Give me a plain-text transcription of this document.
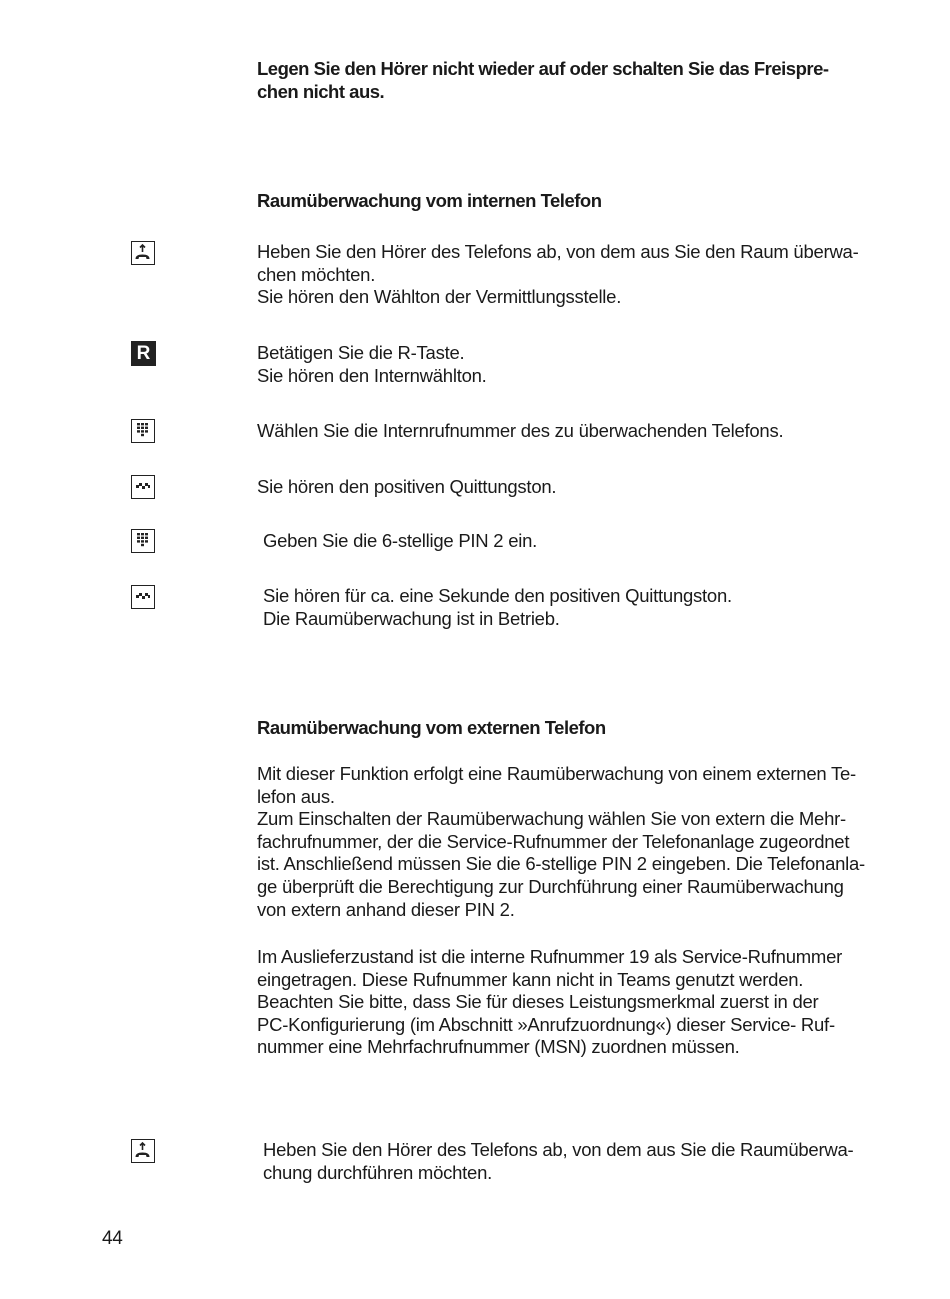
Legen Sie den Hörer nicht wieder auf oder schalten Sie das Freispre-
chen nicht aus.

Raumüberwachung vom internen Telefon

Heben Sie den Hörer des Telefons ab, von dem aus Sie den Raum überwa-
chen möchten.
Sie hören den Wählton der Vermittlungsstelle.

R	Betätigen Sie die R-Taste.
Sie hören den Internwählton.

Wählen Sie die Internrufnummer des zu überwachenden Telefons.

Sie hören den positiven Quittungston.

Geben Sie die 6-stellige PIN 2 ein.

Sie hören für ca. eine Sekunde den positiven Quittungston.
Die Raumüberwachung ist in Betrieb.

Raumüberwachung vom externen Telefon

Mit dieser Funktion erfolgt eine Raumüberwachung von einem externen Te-
lefon aus.
Zum Einschalten der Raumüberwachung wählen Sie von extern die Mehr-
fachrufnummer, der die Service-Rufnummer der Telefonanlage zugeordnet
ist. Anschließend müssen Sie die 6-stellige PIN 2 eingeben. Die Telefonanla-
ge überprüft die Berechtigung zur Durchführung einer Raumüberwachung
von extern anhand dieser PIN 2.

Im Auslieferzustand ist die interne Rufnummer 19 als Service-Rufnummer
eingetragen. Diese Rufnummer kann nicht in Teams genutzt werden.
Beachten Sie bitte, dass Sie für dieses Leistungsmerkmal zuerst in der
PC-Konfigurierung (im Abschnitt »Anrufzuordnung«) dieser Service- Ruf-
nummer eine Mehrfachrufnummer (MSN) zuordnen müssen.

Heben Sie den Hörer des Telefons ab, von dem aus Sie die Raumüberwa-
chung durchführen möchten.

44
